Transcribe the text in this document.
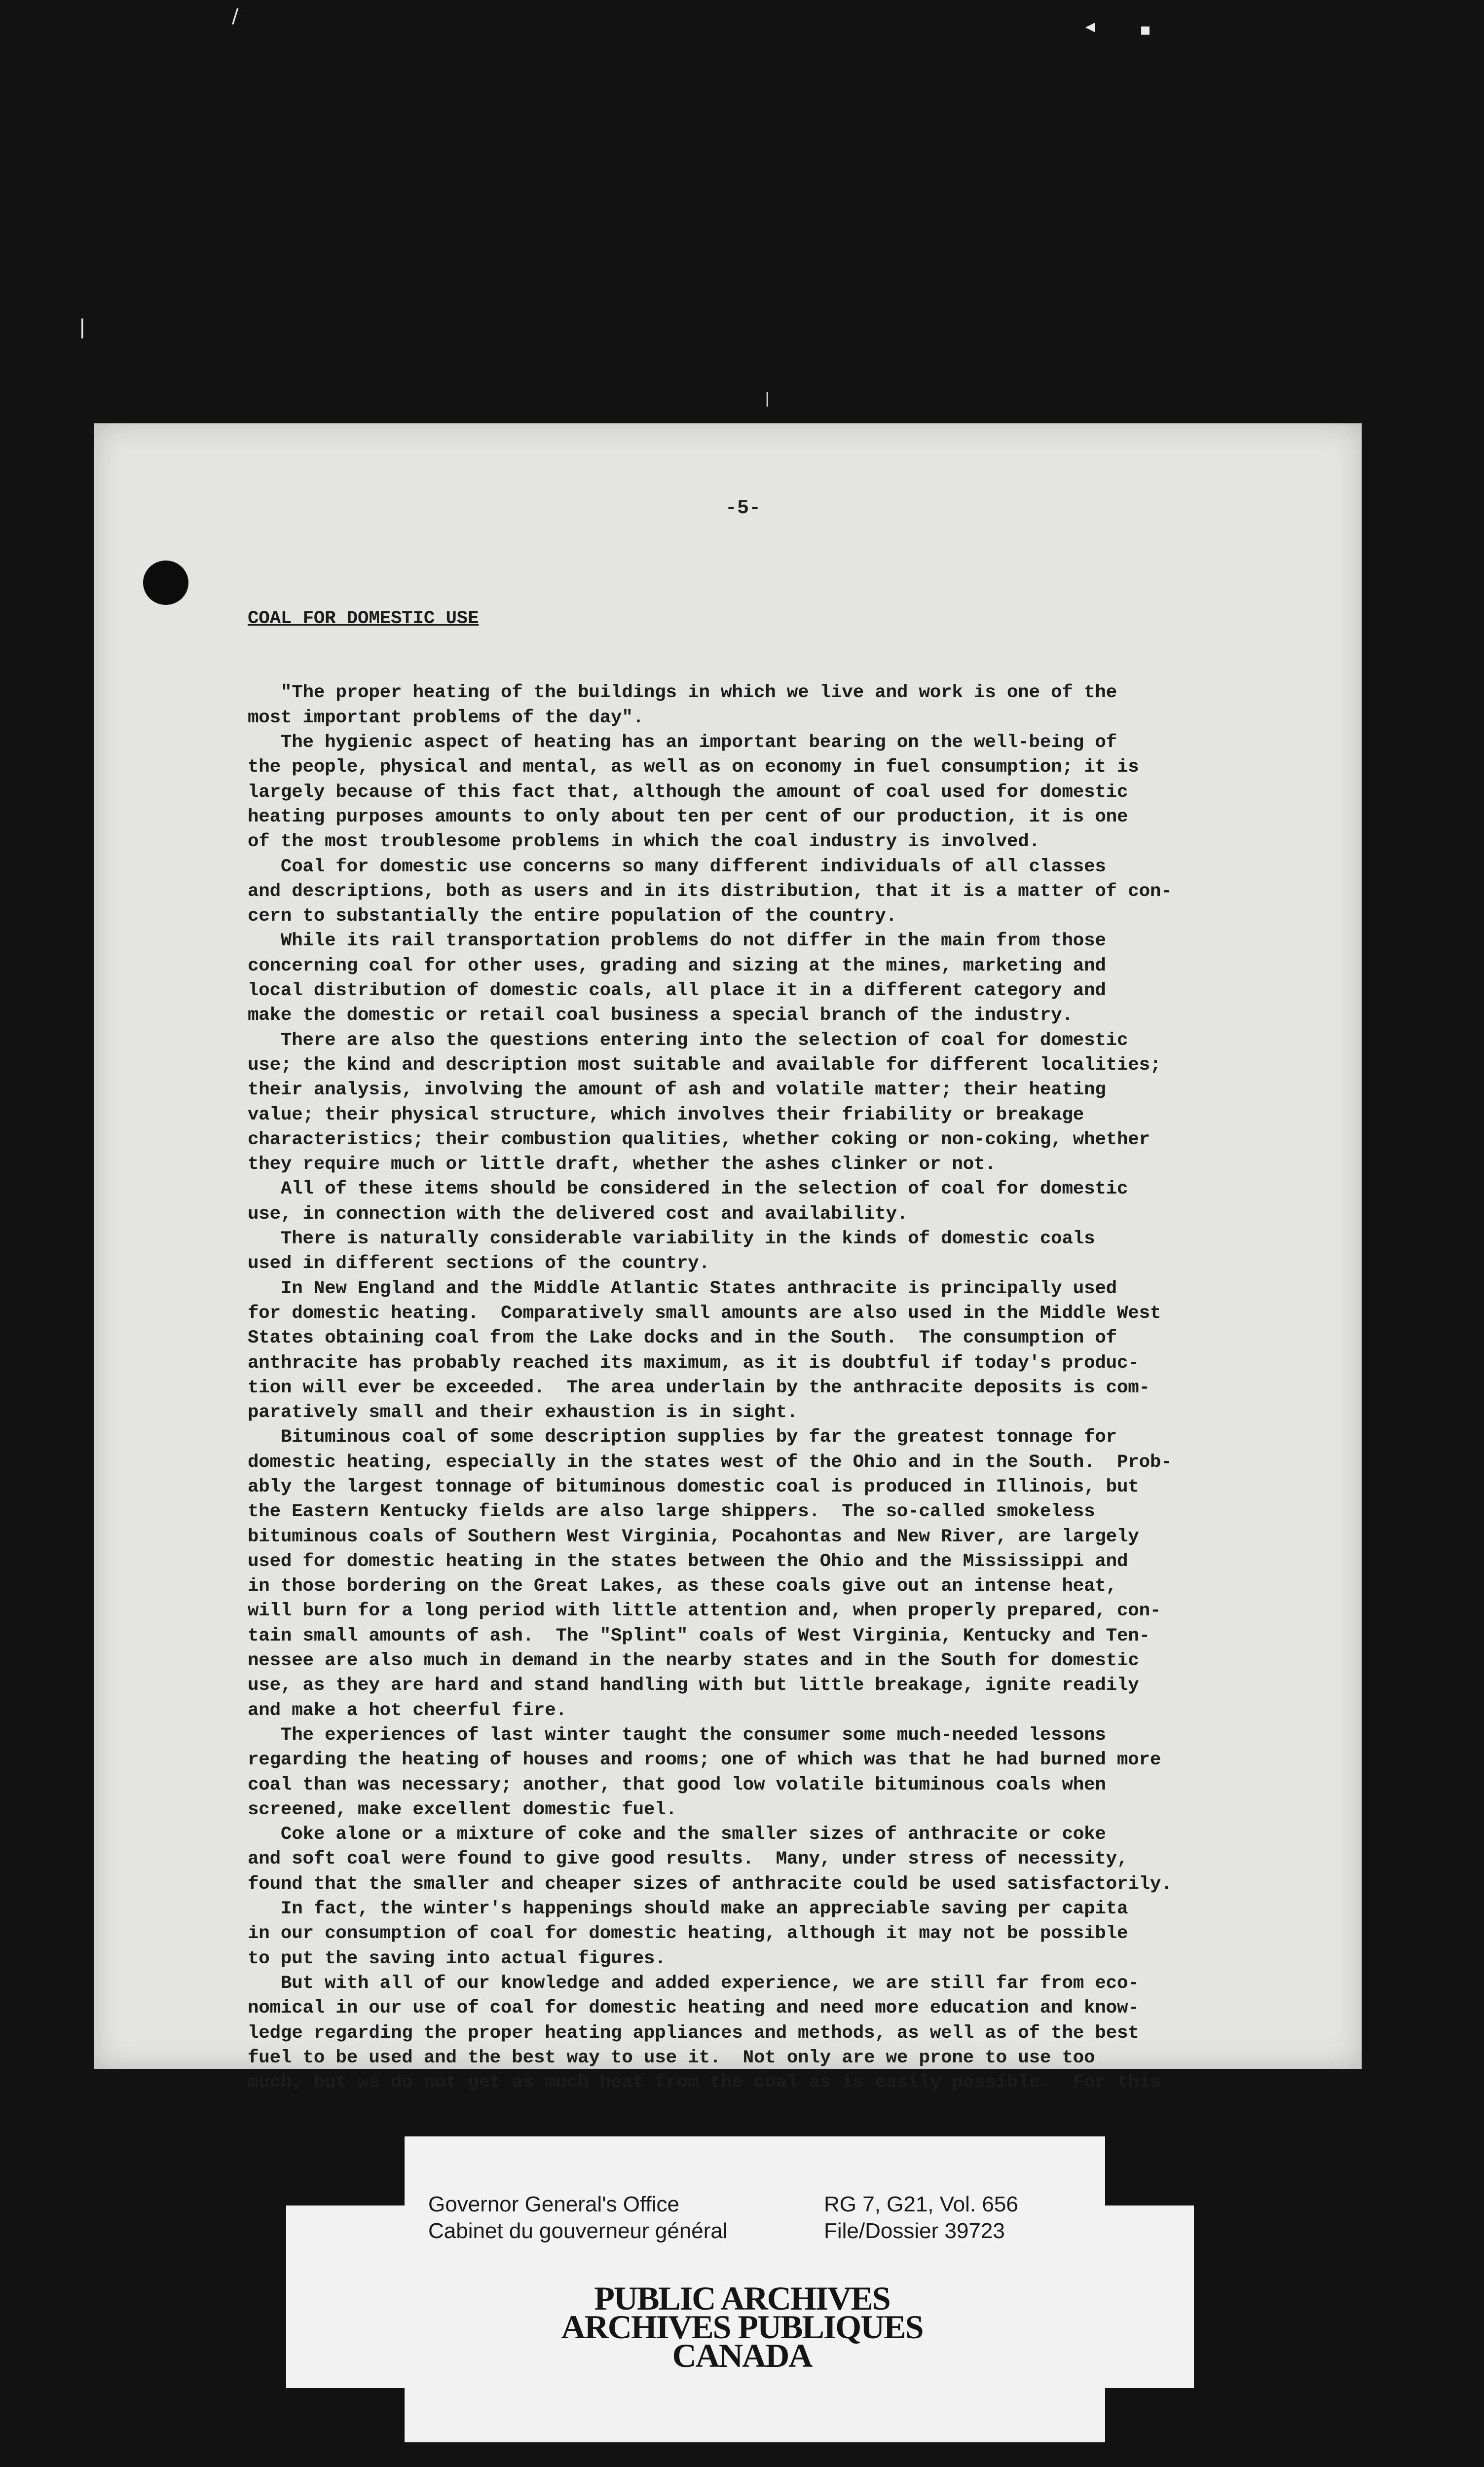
/	◂	▪
|
|
-5-

COAL FOR DOMESTIC USE

"The proper heating of the buildings in which we live and work is one of the
most important problems of the day".
The hygienic aspect of heating has an important bearing on the well-being of
the people, physical and mental, as well as on economy in fuel consumption; it is
largely because of this fact that, although the amount of coal used for domestic
heating purposes amounts to only about ten per cent of our production, it is one
of the most troublesome problems in which the coal industry is involved.
Coal for domestic use concerns so many different individuals of all classes
and descriptions, both as users and in its distribution, that it is a matter of con-
cern to substantially the entire population of the country.
While its rail transportation problems do not differ in the main from those
concerning coal for other uses, grading and sizing at the mines, marketing and
local distribution of domestic coals, all place it in a different category and
make the domestic or retail coal business a special branch of the industry.
There are also the questions entering into the selection of coal for domestic
use; the kind and description most suitable and available for different localities;
their analysis, involving the amount of ash and volatile matter; their heating
value; their physical structure, which involves their friability or breakage
characteristics; their combustion qualities, whether coking or non-coking, whether
they require much or little draft, whether the ashes clinker or not.
All of these items should be considered in the selection of coal for domestic
use, in connection with the delivered cost and availability.
There is naturally considerable variability in the kinds of domestic coals
used in different sections of the country.
In New England and the Middle Atlantic States anthracite is principally used
for domestic heating.  Comparatively small amounts are also used in the Middle West
States obtaining coal from the Lake docks and in the South.  The consumption of
anthracite has probably reached its maximum, as it is doubtful if today's produc-
tion will ever be exceeded.  The area underlain by the anthracite deposits is com-
paratively small and their exhaustion is in sight.
Bituminous coal of some description supplies by far the greatest tonnage for
domestic heating, especially in the states west of the Ohio and in the South.  Prob-
ably the largest tonnage of bituminous domestic coal is produced in Illinois, but
the Eastern Kentucky fields are also large shippers.  The so-called smokeless
bituminous coals of Southern West Virginia, Pocahontas and New River, are largely
used for domestic heating in the states between the Ohio and the Mississippi and
in those bordering on the Great Lakes, as these coals give out an intense heat,
will burn for a long period with little attention and, when properly prepared, con-
tain small amounts of ash.  The "Splint" coals of West Virginia, Kentucky and Ten-
nessee are also much in demand in the nearby states and in the South for domestic
use, as they are hard and stand handling with but little breakage, ignite readily
and make a hot cheerful fire.
The experiences of last winter taught the consumer some much-needed lessons
regarding the heating of houses and rooms; one of which was that he had burned more
coal than was necessary; another, that good low volatile bituminous coals when
screened, make excellent domestic fuel.
Coke alone or a mixture of coke and the smaller sizes of anthracite or coke
and soft coal were found to give good results.  Many, under stress of necessity,
found that the smaller and cheaper sizes of anthracite could be used satisfactorily.
In fact, the winter's happenings should make an appreciable saving per capita
in our consumption of coal for domestic heating, although it may not be possible
to put the saving into actual figures.
But with all of our knowledge and added experience, we are still far from eco-
nomical in our use of coal for domestic heating and need more education and know-
ledge regarding the proper heating appliances and methods, as well as of the best
fuel to be used and the best way to use it.  Not only are we prone to use too
much, but we do not get as much heat from the coal as is easily possible.  For this

Governor General's Office
Cabinet du gouverneur général
RG 7, G21, Vol. 656
File/Dossier 39723
PUBLIC ARCHIVES
ARCHIVES PUBLIQUES
CANADA
